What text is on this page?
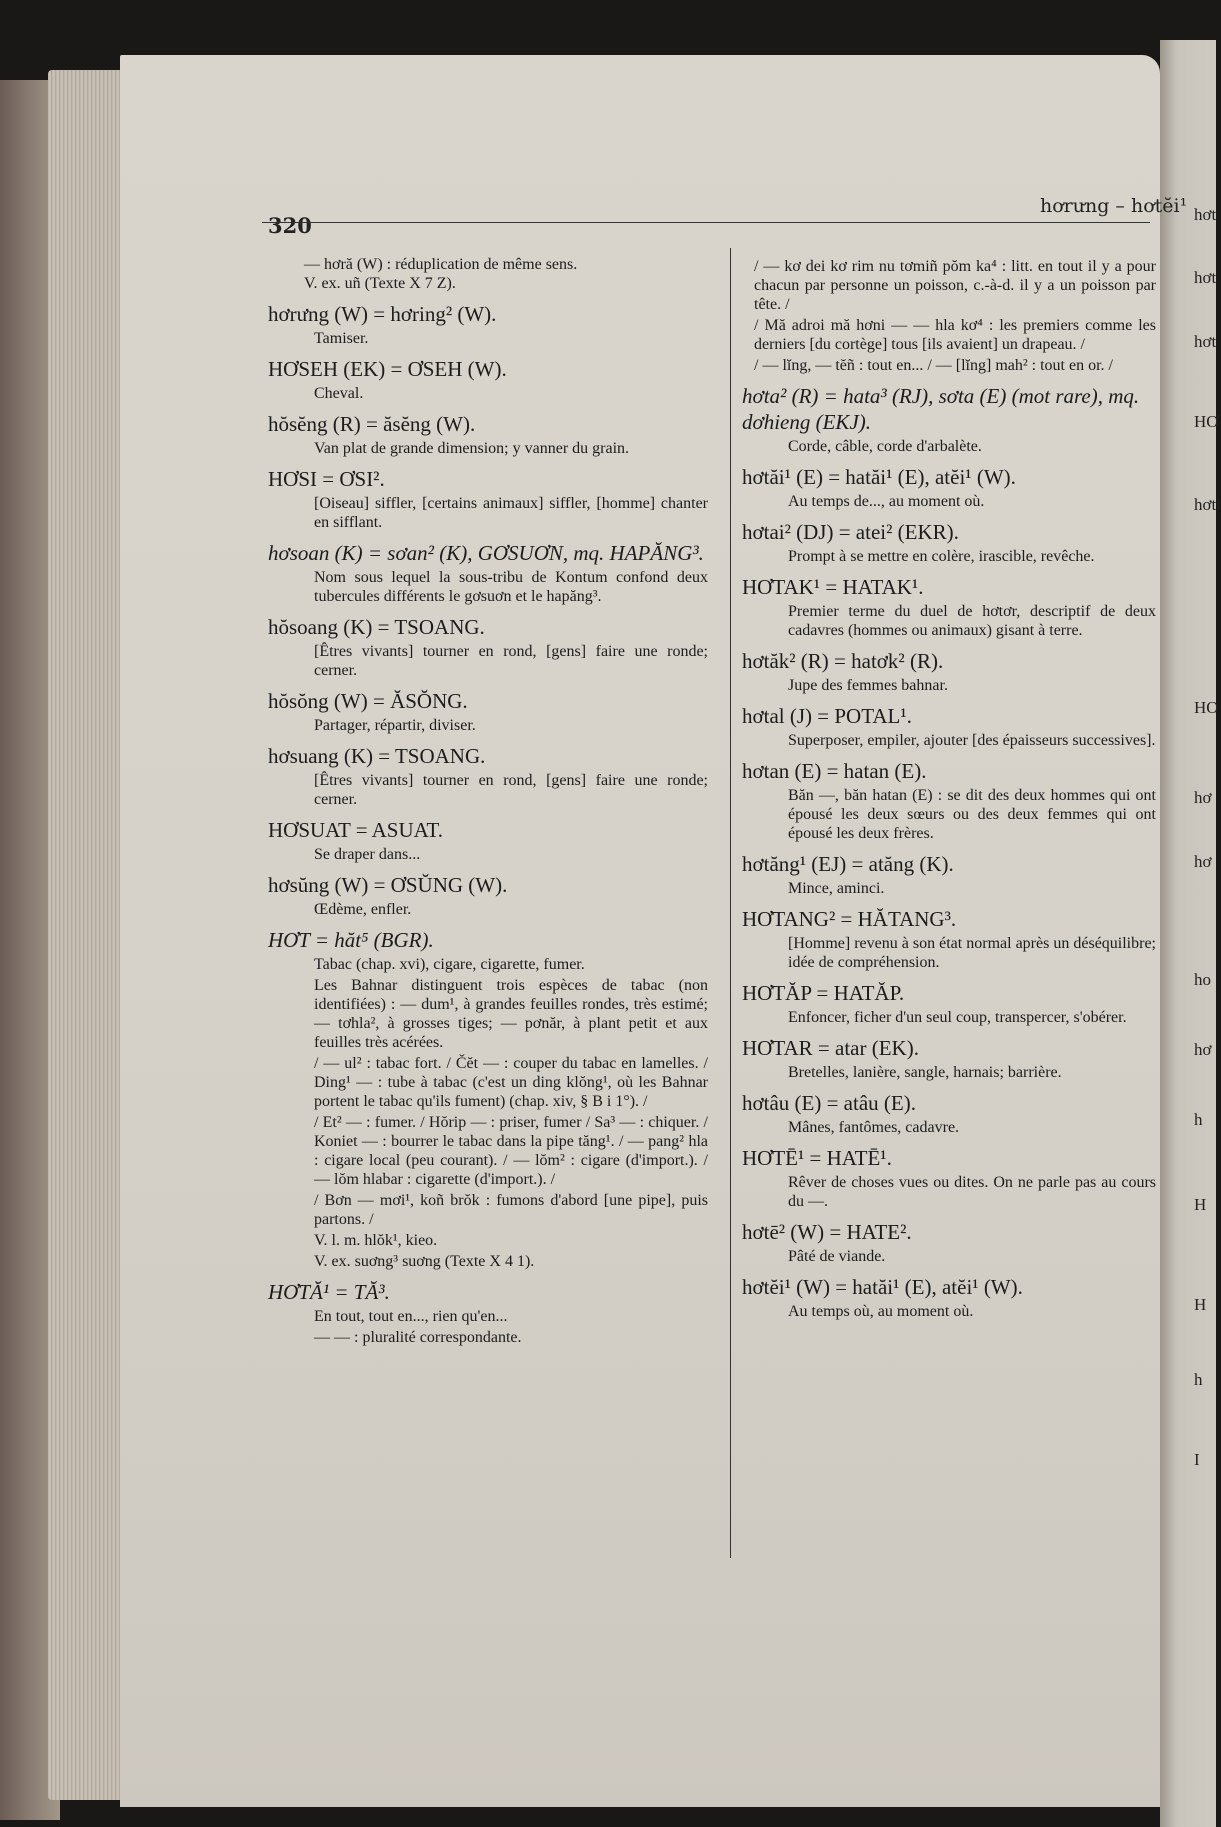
hơt
hơt
hơt
HƠ
hơti
HO
hơ
hơ
ho
hơ
h
H
H
h
I
320
hơrưng – hơtĕi¹

— hơră (W) : réduplication de même sens.

V. ex. uñ (Texte X 7 Z).

hơrưng (W) = hơring² (W).

Tamiser.

HƠSEH (EK) = ƠSEH (W).

Cheval.

hŏsĕng (R) = ăsĕng (W).

Van plat de grande dimension; y vanner du grain.

HƠSI = ƠSI².

[Oiseau] siffler, [certains animaux] siffler, [homme] chanter en sifflant.

hơsoan (K) = sơan² (K), GƠSUƠN, mq. HAPĂNG³.

Nom sous lequel la sous-tribu de Kontum confond deux tubercules différents le gơsuơn et le hapăng³.

hŏsoang (K) = TSOANG.

[Êtres vivants] tourner en rond, [gens] faire une ronde; cerner.

hŏsŏng (W) = ĂSŎNG.

Partager, répartir, diviser.

hơsuang (K) = TSOANG.

[Êtres vivants] tourner en rond, [gens] faire une ronde; cerner.

HƠSUAT = ASUAT.

Se draper dans...

hơsŭng (W) = ƠSŬNG (W).

Œdème, enfler.

HƠT = hăt⁵ (BGR).

Tabac (chap. xvi), cigare, cigarette, fumer.

Les Bahnar distinguent trois espèces de tabac (non identifiées) : — dum¹, à grandes feuilles rondes, très estimé; — tơhla², à grosses tiges; — pơnăr, à plant petit et aux feuilles très acérées.

/ — ul² : tabac fort. / Čĕt — : couper du tabac en lamelles. / Ding¹ — : tube à tabac (c'est un ding klŏng¹, où les Bahnar portent le tabac qu'ils fument) (chap. xiv, § B i 1°). /

/ Et² — : fumer. / Hŏrip — : priser, fumer / Sa³ — : chiquer. / Koniet — : bourrer le tabac dans la pipe tăng¹. / — pang² hla : cigare local (peu courant). / — lŏm² : cigare (d'import.). / — lŏm hlabar : cigarette (d'import.). /

/ Bơn — mơi¹, koñ brŏk : fumons d'abord [une pipe], puis partons. /

V. l. m. hlŏk¹, kieo.

V. ex. suơng³ suơng (Texte X 4 1).

HƠTĂ¹ = TĂ³.

En tout, tout en..., rien qu'en...

— — : pluralité correspondante.

/ — kơ dei kơ rim nu tơmiñ pŏm ka⁴ : litt. en tout il y a pour chacun par personne un poisson, c.-à-d. il y a un poisson par tête. /

/ Mă adroi mă hơni — — hla kơ⁴ : les premiers comme les derniers [du cortège] tous [ils avaient] un drapeau. /

/ — lĭng, — tĕñ : tout en... / — [lĭng] mah² : tout en or. /

hơta² (R) = hata³ (RJ), sơta (E) (mot rare), mq. dơhieng (EKJ).

Corde, câble, corde d'arbalète.

hơtăi¹ (E) = hatăi¹ (E), atĕi¹ (W).

Au temps de..., au moment où.

hơtai² (DJ) = atei² (EKR).

Prompt à se mettre en colère, irascible, revêche.

HƠTAK¹ = HATAK¹.

Premier terme du duel de hơtơr, descriptif de deux cadavres (hommes ou animaux) gisant à terre.

hơtăk² (R) = hatơk² (R).

Jupe des femmes bahnar.

hơtal (J) = POTAL¹.

Superposer, empiler, ajouter [des épaisseurs successives].

hơtan (E) = hatan (E).

Băn —, băn hatan (E) : se dit des deux hommes qui ont épousé les deux sœurs ou des deux femmes qui ont épousé les deux frères.

hơtăng¹ (EJ) = atăng (K).

Mince, aminci.

HƠTANG² = HĂTANG³.

[Homme] revenu à son état normal après un déséquilibre; idée de compréhension.

HƠTĂP = HATĂP.

Enfoncer, ficher d'un seul coup, transpercer, s'obérer.

HƠTAR = atar (EK).

Bretelles, lanière, sangle, harnais; barrière.

hơtâu (E) = atâu (E).

Mânes, fantômes, cadavre.

HƠTĒ¹ = HATĒ¹.

Rêver de choses vues ou dites. On ne parle pas au cours du —.

hơtē² (W) = HATE².

Pâté de viande.

hơtĕi¹ (W) = hatăi¹ (E), atĕi¹ (W).

Au temps où, au moment où.
